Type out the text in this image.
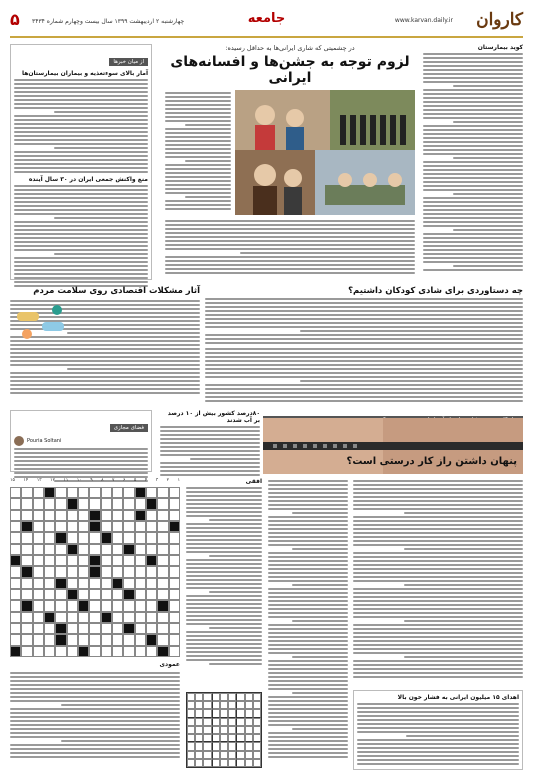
کاروان
www.karvan.daily.ir
جامعه
چهارشنبه ۲ اردیبهشت ۱۳۹۹ سال بیست وچهارم شماره ۳۴۳۴
۵
کوید بیمارستان
در چشمیتی که شاری ایرانی‌ها به حداقل رسیده:
لزوم توجه به جشن‌ها و افسانه‌های ایرانی
از میان خبرها
آمار بالای سوءتغذیه و بیماران بیمارستان‌ها
منع واکنش جمعی ایران در ۳۰ سال آینده
چه دستاوردی برای شادی کودکان داشتیم؟
آثار مشکلات اقتصادی روی سلامت مردم
فضای مجازی
Pouria Soltani
۸۰درصد کشور بیش از ۱۰ درصد بر آب شدند
پنهان داشتن راز کار درستی است؟
اهدای ۱۵ میلیون ایرانی به فشار خون بالا
۱
۲
۳
۴
۵
۶
۷
۸
۹
۱۰
۱۱
۱۲
۱۳
۱۴
۱۵
عمودی
افقی
